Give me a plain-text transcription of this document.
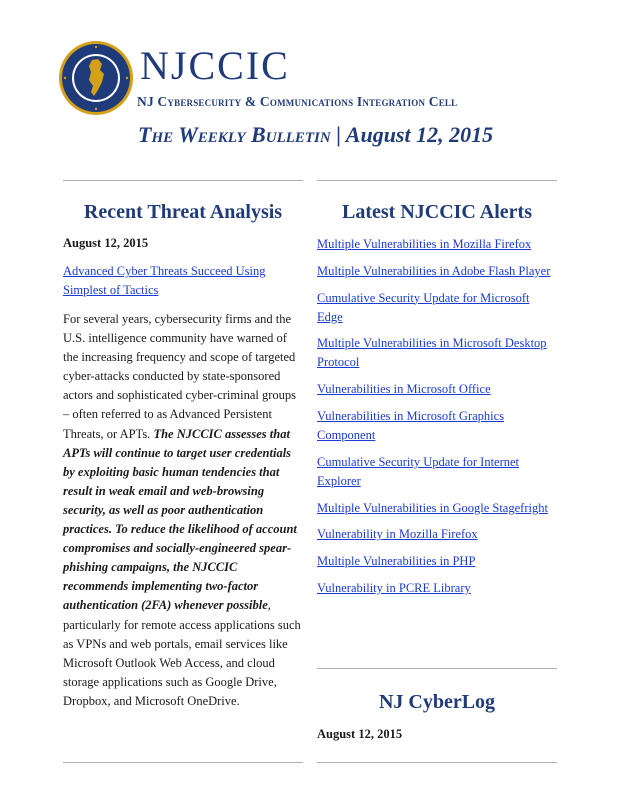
NJCCIC
NJ Cybersecurity & Communications Integration Cell
The Weekly Bulletin | August 12, 2015
Recent Threat Analysis
August 12, 2015
Advanced Cyber Threats Succeed Using Simplest of Tactics
For several years, cybersecurity firms and the U.S. intelligence community have warned of the increasing frequency and scope of targeted cyber-attacks conducted by state-sponsored actors and sophisticated cyber-criminal groups – often referred to as Advanced Persistent Threats, or APTs. The NJCCIC assesses that APTs will continue to target user credentials by exploiting basic human tendencies that result in weak email and web-browsing security, as well as poor authentication practices. To reduce the likelihood of account compromises and socially-engineered spear-phishing campaigns, the NJCCIC recommends implementing two-factor authentication (2FA) whenever possible, particularly for remote access applications such as VPNs and web portals, email services like Microsoft Outlook Web Access, and cloud storage applications such as Google Drive, Dropbox, and Microsoft OneDrive.
Latest NJCCIC Alerts
Multiple Vulnerabilities in Mozilla Firefox
Multiple Vulnerabilities in Adobe Flash Player
Cumulative Security Update for Microsoft Edge
Multiple Vulnerabilities in Microsoft Desktop Protocol
Vulnerabilities in Microsoft Office
Vulnerabilities in Microsoft Graphics Component
Cumulative Security Update for Internet Explorer
Multiple Vulnerabilities in Google Stagefright
Vulnerability in Mozilla Firefox
Multiple Vulnerabilities in PHP
Vulnerability in PCRE Library
NJ CyberLog
August 12, 2015
